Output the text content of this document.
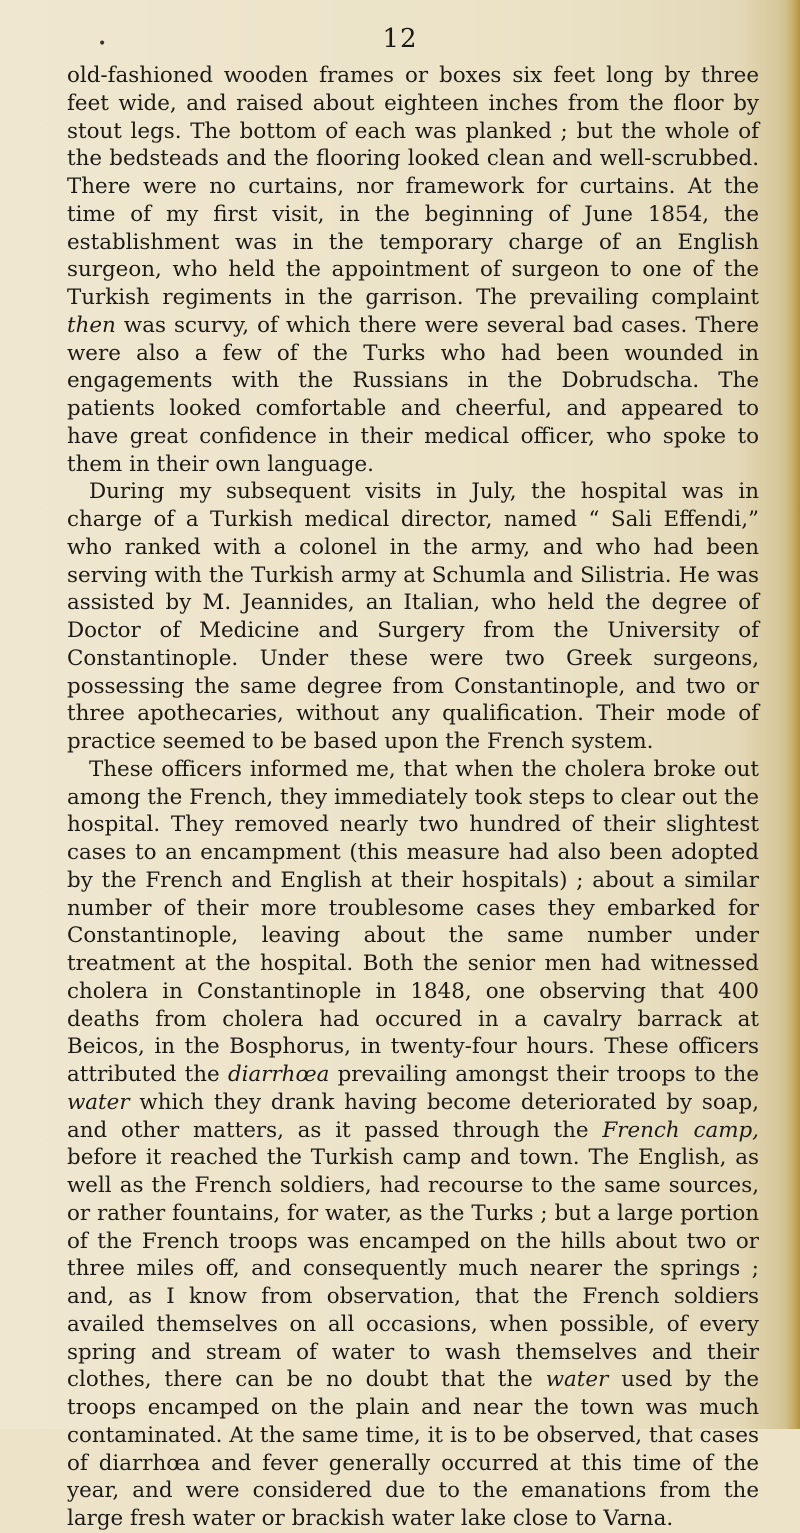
•	12

old-fashioned wooden frames or boxes six feet long by three feet wide, and raised about eighteen inches from the floor by stout legs. The bottom of each was planked ; but the whole of the bedsteads and the flooring looked clean and well-scrubbed. There were no curtains, nor framework for curtains. At the time of my first visit, in the beginning of June 1854, the establishment was in the temporary charge of an English surgeon, who held the appointment of surgeon to one of the Turkish regiments in the garrison. The prevailing complaint then was scurvy, of which there were several bad cases. There were also a few of the Turks who had been wounded in engagements with the Russians in the Dobrudscha. The patients looked comfortable and cheerful, and appeared to have great confidence in their medical officer, who spoke to them in their own language.

During my subsequent visits in July, the hospital was in charge of a Turkish medical director, named “ Sali Effendi,” who ranked with a colonel in the army, and who had been serving with the Turkish army at Schumla and Silistria. He was assisted by M. Jeannides, an Italian, who held the degree of Doctor of Medicine and Surgery from the University of Constantinople. Under these were two Greek surgeons, possessing the same degree from Constantinople, and two or three apothecaries, without any qualification. Their mode of practice seemed to be based upon the French system.

These officers informed me, that when the cholera broke out among the French, they immediately took steps to clear out the hospital. They removed nearly two hundred of their slightest cases to an encampment (this measure had also been adopted by the French and English at their hospitals) ; about a similar number of their more troublesome cases they embarked for Constantinople, leaving about the same number under treatment at the hospital. Both the senior men had witnessed cholera in Constantinople in 1848, one observing that 400 deaths from cholera had occured in a cavalry barrack at Beicos, in the Bosphorus, in twenty-four hours. These officers attributed the diarrhœa prevailing amongst their troops to the water which they drank having become deteriorated by soap, and other matters, as it passed through the French camp, before it reached the Turkish camp and town. The English, as well as the French soldiers, had recourse to the same sources, or rather fountains, for water, as the Turks ; but a large portion of the French troops was encamped on the hills about two or three miles off, and consequently much nearer the springs ; and, as I know from observation, that the French soldiers availed themselves on all occasions, when possible, of every spring and stream of water to wash themselves and their clothes, there can be no doubt that the water used by the troops encamped on the plain and near the town was much contaminated. At the same time, it is to be observed, that cases of diarrhœa and fever generally occurred at this time of the year, and were considered due to the emanations from the large fresh water or brackish water lake close to Varna.
